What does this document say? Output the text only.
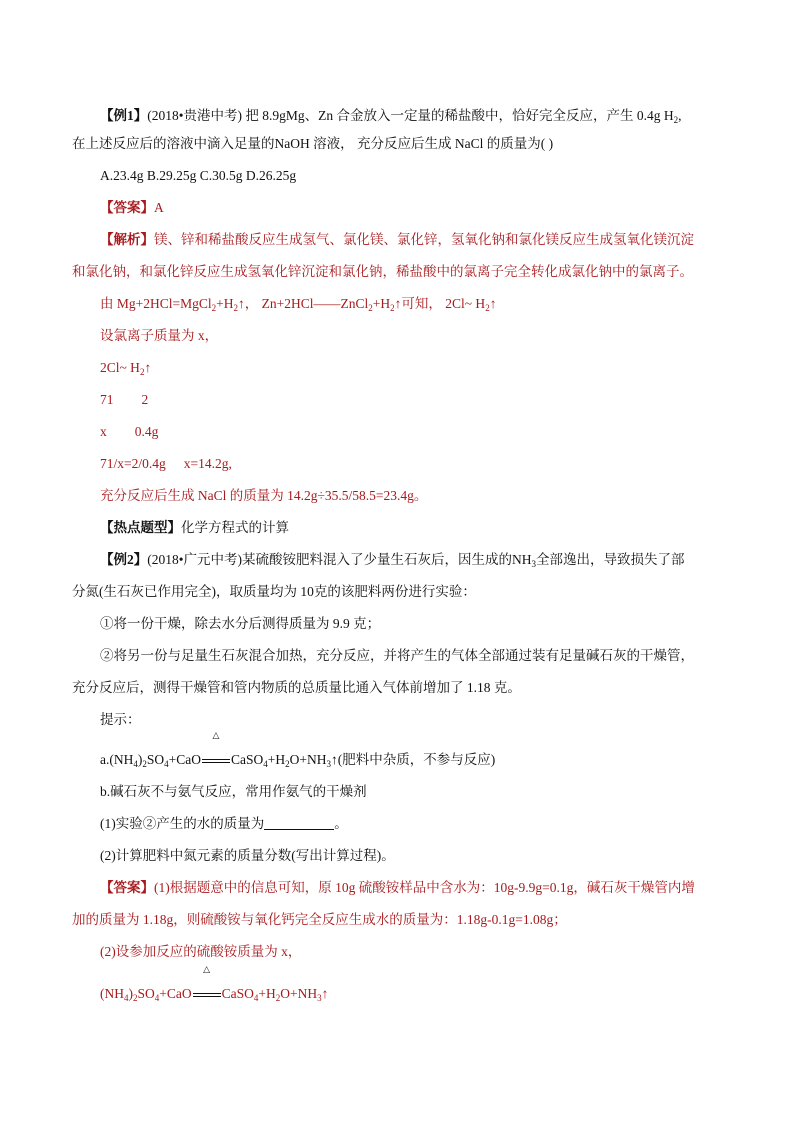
【例1】(2018•贵港中考) 把 8.9gMg、Zn 合金放入一定量的稀盐酸中，恰好完全反应，产生 0.4g $H_2$,
在上述反应后的溶液中滴入足量的NaOH 溶液， 充分反应后生成 NaCl 的质量为( )
A.23.4g B.29.25g C.30.5g D.26.25g
【答案】A
【解析】镁、锌和稀盐酸反应生成氢气、氯化镁、氯化锌，氢氧化钠和氯化镁反应生成氢氧化镁沉淀
和氯化钠，和氯化锌反应生成氢氧化锌沉淀和氯化钠，稀盐酸中的氯离子完全转化成氯化钠中的氯离子。
由 $Mg+2HCl=MgCl_2+H_2↑$， $Zn+2HCl——ZnCl_2+H_2↑$可知， 2Cl~ $H_2↑$
设氯离子质量为 x，
2Cl~ $H_2↑$
71 2
x 0.4g
71/x=2/0.4g x=14.2g,
充分反应后生成 NaCl 的质量为 14.2g÷35.5/58.5=23.4g。
【热点题型】化学方程式的计算
【例2】(2018•广元中考)某硫酸铵肥料混入了少量生石灰后，因生成的$NH_3$全部逸出，导致损失了部
分氮(生石灰已作用完全)，取质量均为 10克的该肥料两份进行实验：
①将一份干燥，除去水分后测得质量为 9.9 克；
②将另一份与足量生石灰混合加热，充分反应，并将产生的气体全部通过装有足量碱石灰的干燥管，
充分反应后，测得干燥管和管内物质的总质量比通入气体前增加了 1.18 克。
提示：
$a.(NH_4)_2SO_4+CaO$
△
$CaSO_4+H_2O+NH_3↑$(肥料中杂质，不参与反应)
b.碱石灰不与氨气反应，常用作氨气的干燥剂
(1)实验②产生的水的质量为	。
(2)计算肥料中氮元素的质量分数(写出计算过程)。
【答案】(1)根据题意中的信息可知，原 10g 硫酸铵样品中含水为：10g-9.9g=0.1g，碱石灰干燥管内增
加的质量为 1.18g，则硫酸铵与氧化钙完全反应生成水的质量为：1.18g-0.1g=1.08g；
(2)设参加反应的硫酸铵质量为 x，
$(NH_4)_2SO_4+CaO$
△
$CaSO_4+H_2O+NH_3↑$
